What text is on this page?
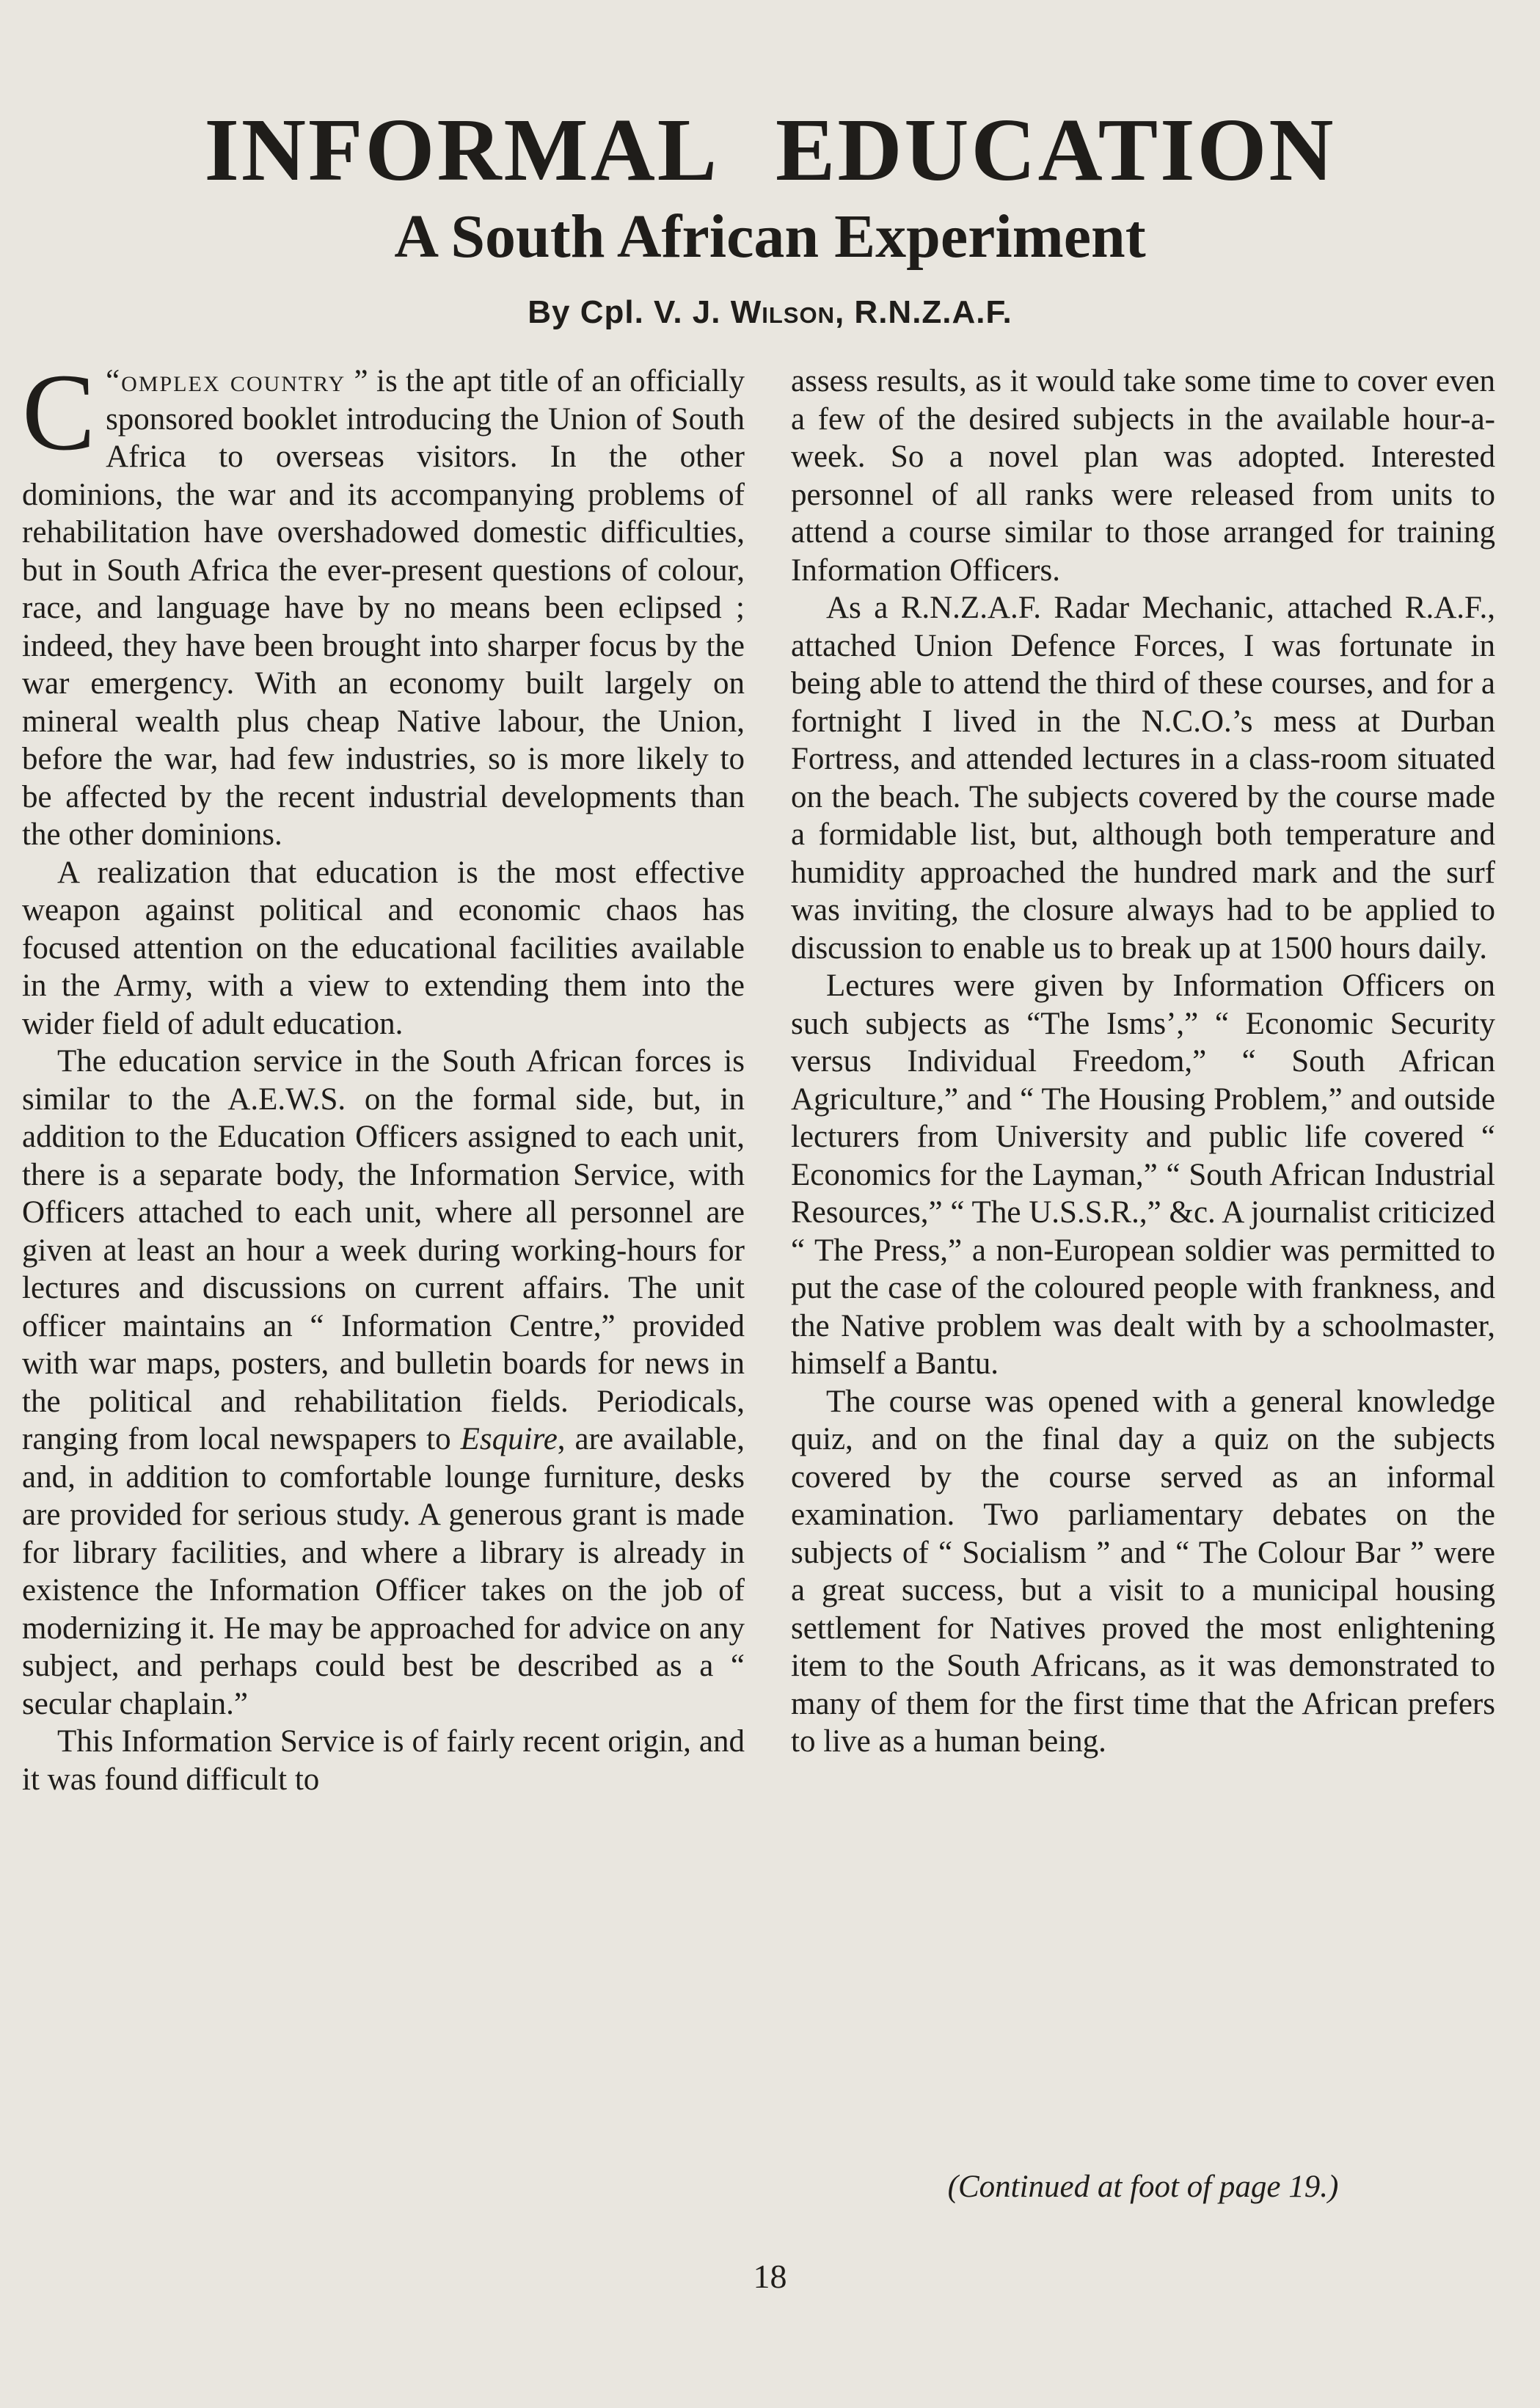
INFORMAL EDUCATION
A South African Experiment
By Cpl. V. J. Wilson, R.N.Z.A.F.

“
C omplex country ” is the apt title of an officially sponsored booklet introducing the Union of South Africa to overseas visitors. In the other dominions, the war and its accompanying problems of rehabilitation have overshadowed domestic difficulties, but in South Africa the ever-present questions of colour, race, and language have by no means been eclipsed ; indeed, they have been brought into sharper focus by the war emergency. With an economy built largely on mineral wealth plus cheap Native labour, the Union, before the war, had few industries, so is more likely to be affected by the recent industrial developments than the other dominions.

A realization that education is the most effective weapon against political and economic chaos has focused attention on the educational facilities available in the Army, with a view to extending them into the wider field of adult education.

The education service in the South African forces is similar to the A.E.W.S. on the formal side, but, in addition to the Education Officers assigned to each unit, there is a separate body, the Information Service, with Officers attached to each unit, where all personnel are given at least an hour a week during working-hours for lectures and discussions on current affairs. The unit officer maintains an “ Information Centre,” provided with war maps, posters, and bulletin boards for news in the political and rehabilitation fields. Periodicals, ranging from local newspapers to Esquire, are available, and, in addition to comfortable lounge furniture, desks are provided for serious study. A generous grant is made for library facilities, and where a library is already in existence the Information Officer takes on the job of modernizing it. He may be approached for advice on any subject, and perhaps could best be described as a “ secular chaplain.”

This Information Service is of fairly recent origin, and it was found difficult to

assess results, as it would take some time to cover even a few of the desired subjects in the available hour-a-week. So a novel plan was adopted. Interested personnel of all ranks were released from units to attend a course similar to those arranged for training Information Officers.

As a R.N.Z.A.F. Radar Mechanic, attached R.A.F., attached Union Defence Forces, I was fortunate in being able to attend the third of these courses, and for a fortnight I lived in the N.C.O.’s mess at Durban Fortress, and attended lectures in a class-room situated on the beach. The subjects covered by the course made a formidable list, but, although both temperature and humidity approached the hundred mark and the surf was inviting, the closure always had to be applied to discussion to enable us to break up at 1500 hours daily.

Lectures were given by Information Officers on such subjects as “The Isms’,” “ Economic Security versus Individual Freedom,” “ South African Agriculture,” and “ The Housing Problem,” and outside lecturers from University and public life covered “ Economics for the Layman,” “ South African Industrial Resources,” “ The U.S.S.R.,” &c. A journalist criticized “ The Press,” a non-European soldier was permitted to put the case of the coloured people with frankness, and the Native problem was dealt with by a schoolmaster, himself a Bantu.

The course was opened with a general knowledge quiz, and on the final day a quiz on the subjects covered by the course served as an informal examination. Two parliamentary debates on the subjects of “ Socialism ” and “ The Colour Bar ” were a great success, but a visit to a municipal housing settlement for Natives proved the most enlightening item to the South Africans, as it was demonstrated to many of them for the first time that the African prefers to live as a human being.

(Continued at foot of page 19.)
18
